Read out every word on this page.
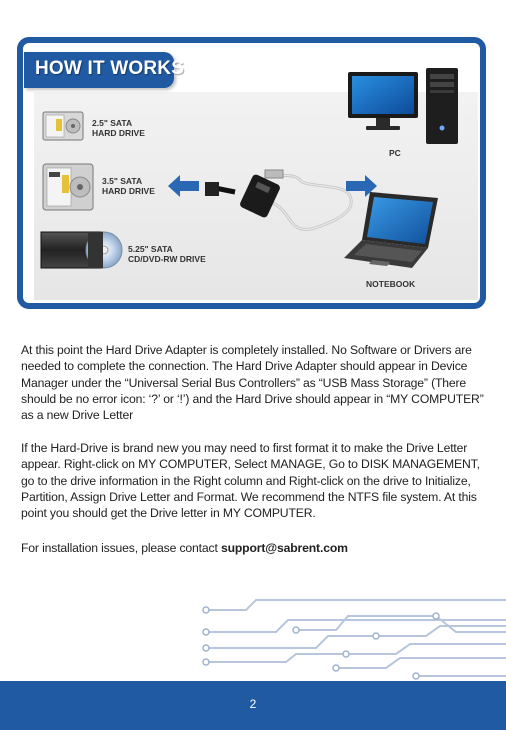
HOW IT WORKS
2.5" SATA
HARD DRIVE
3.5" SATA
HARD DRIVE
5.25" SATA
CD/DVD-RW DRIVE
PC
NOTEBOOK
At this point the Hard Drive Adapter is completely installed. No Software or Drivers are needed to complete the connection. The Hard Drive Adapter should appear in Device Manager under the “Universal Serial Bus Controllers” as “USB Mass Storage” (There should be no error icon: ‘?’ or ‘!’) and the Hard Drive should appear in “MY COMPUTER” as a new Drive Letter
If the Hard-Drive is brand new you may need to first format it to make the Drive Letter appear. Right-click on MY COMPUTER, Select MANAGE, Go to DISK MANAGEMENT, go to the drive information in the Right column and Right-click on the drive to Initialize, Partition, Assign Drive Letter and Format. We recommend the NTFS file system. At this point you should get the Drive letter in MY COMPUTER.
For installation issues, please contact support@sabrent.com
2
